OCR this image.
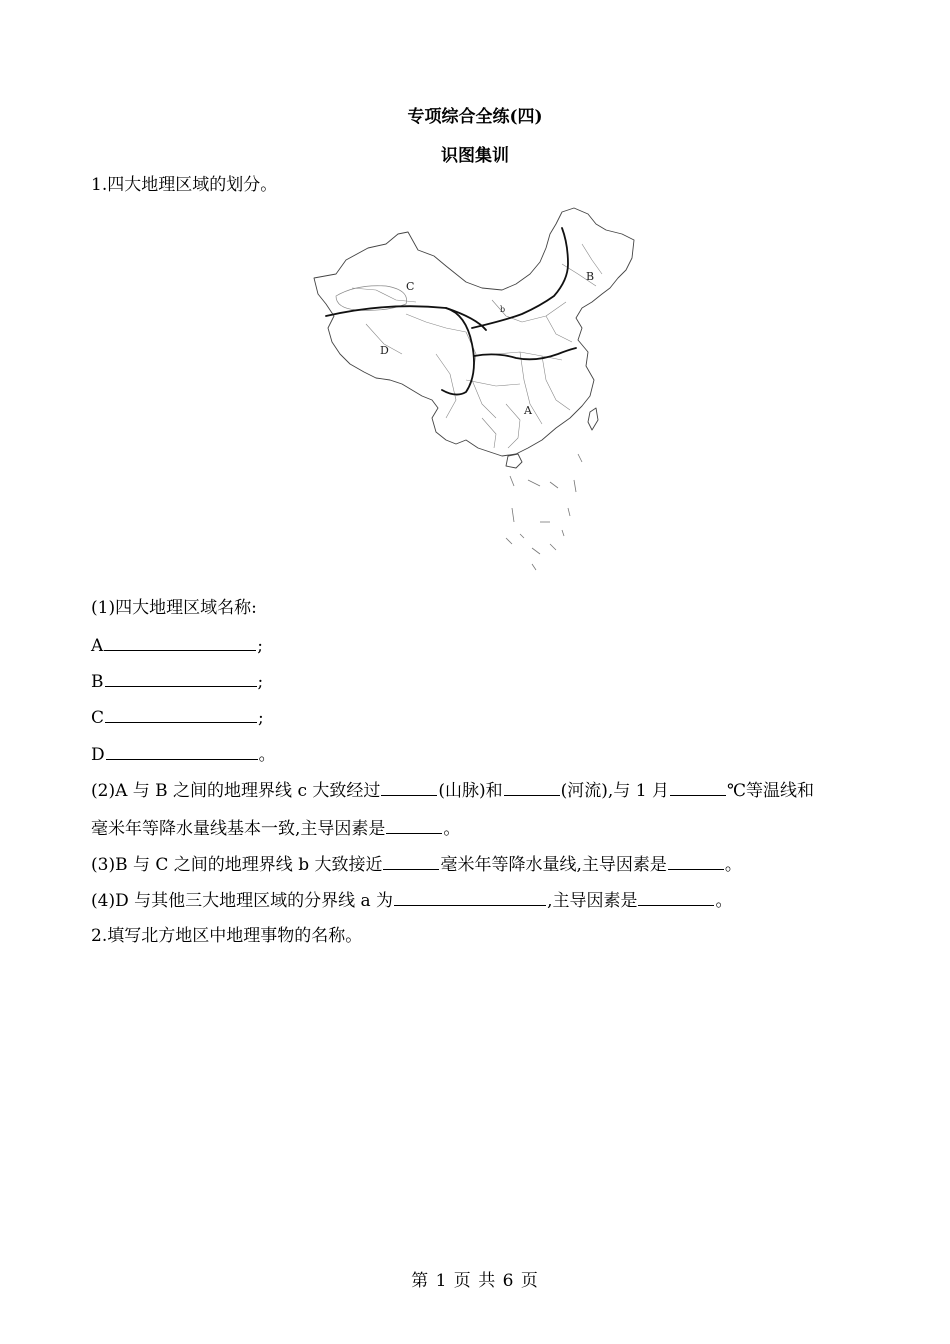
专项综合全练(四)
识图集训
1.四大地理区域的划分。
C
B
D
A
b
(1)四大地理区域名称:
A	;
B	;
C	;
D	。
(2)A 与 B 之间的地理界线 c 大致经过	(山脉)和	(河流),与 1 月	℃等温线和
毫米年等降水量线基本一致,主导因素是	。
(3)B 与 C 之间的地理界线 b 大致接近	毫米年等降水量线,主导因素是	。
(4)D 与其他三大地理区域的分界线 a 为	,主导因素是	。
2.填写北方地区中地理事物的名称。
第 1 页 共 6 页
